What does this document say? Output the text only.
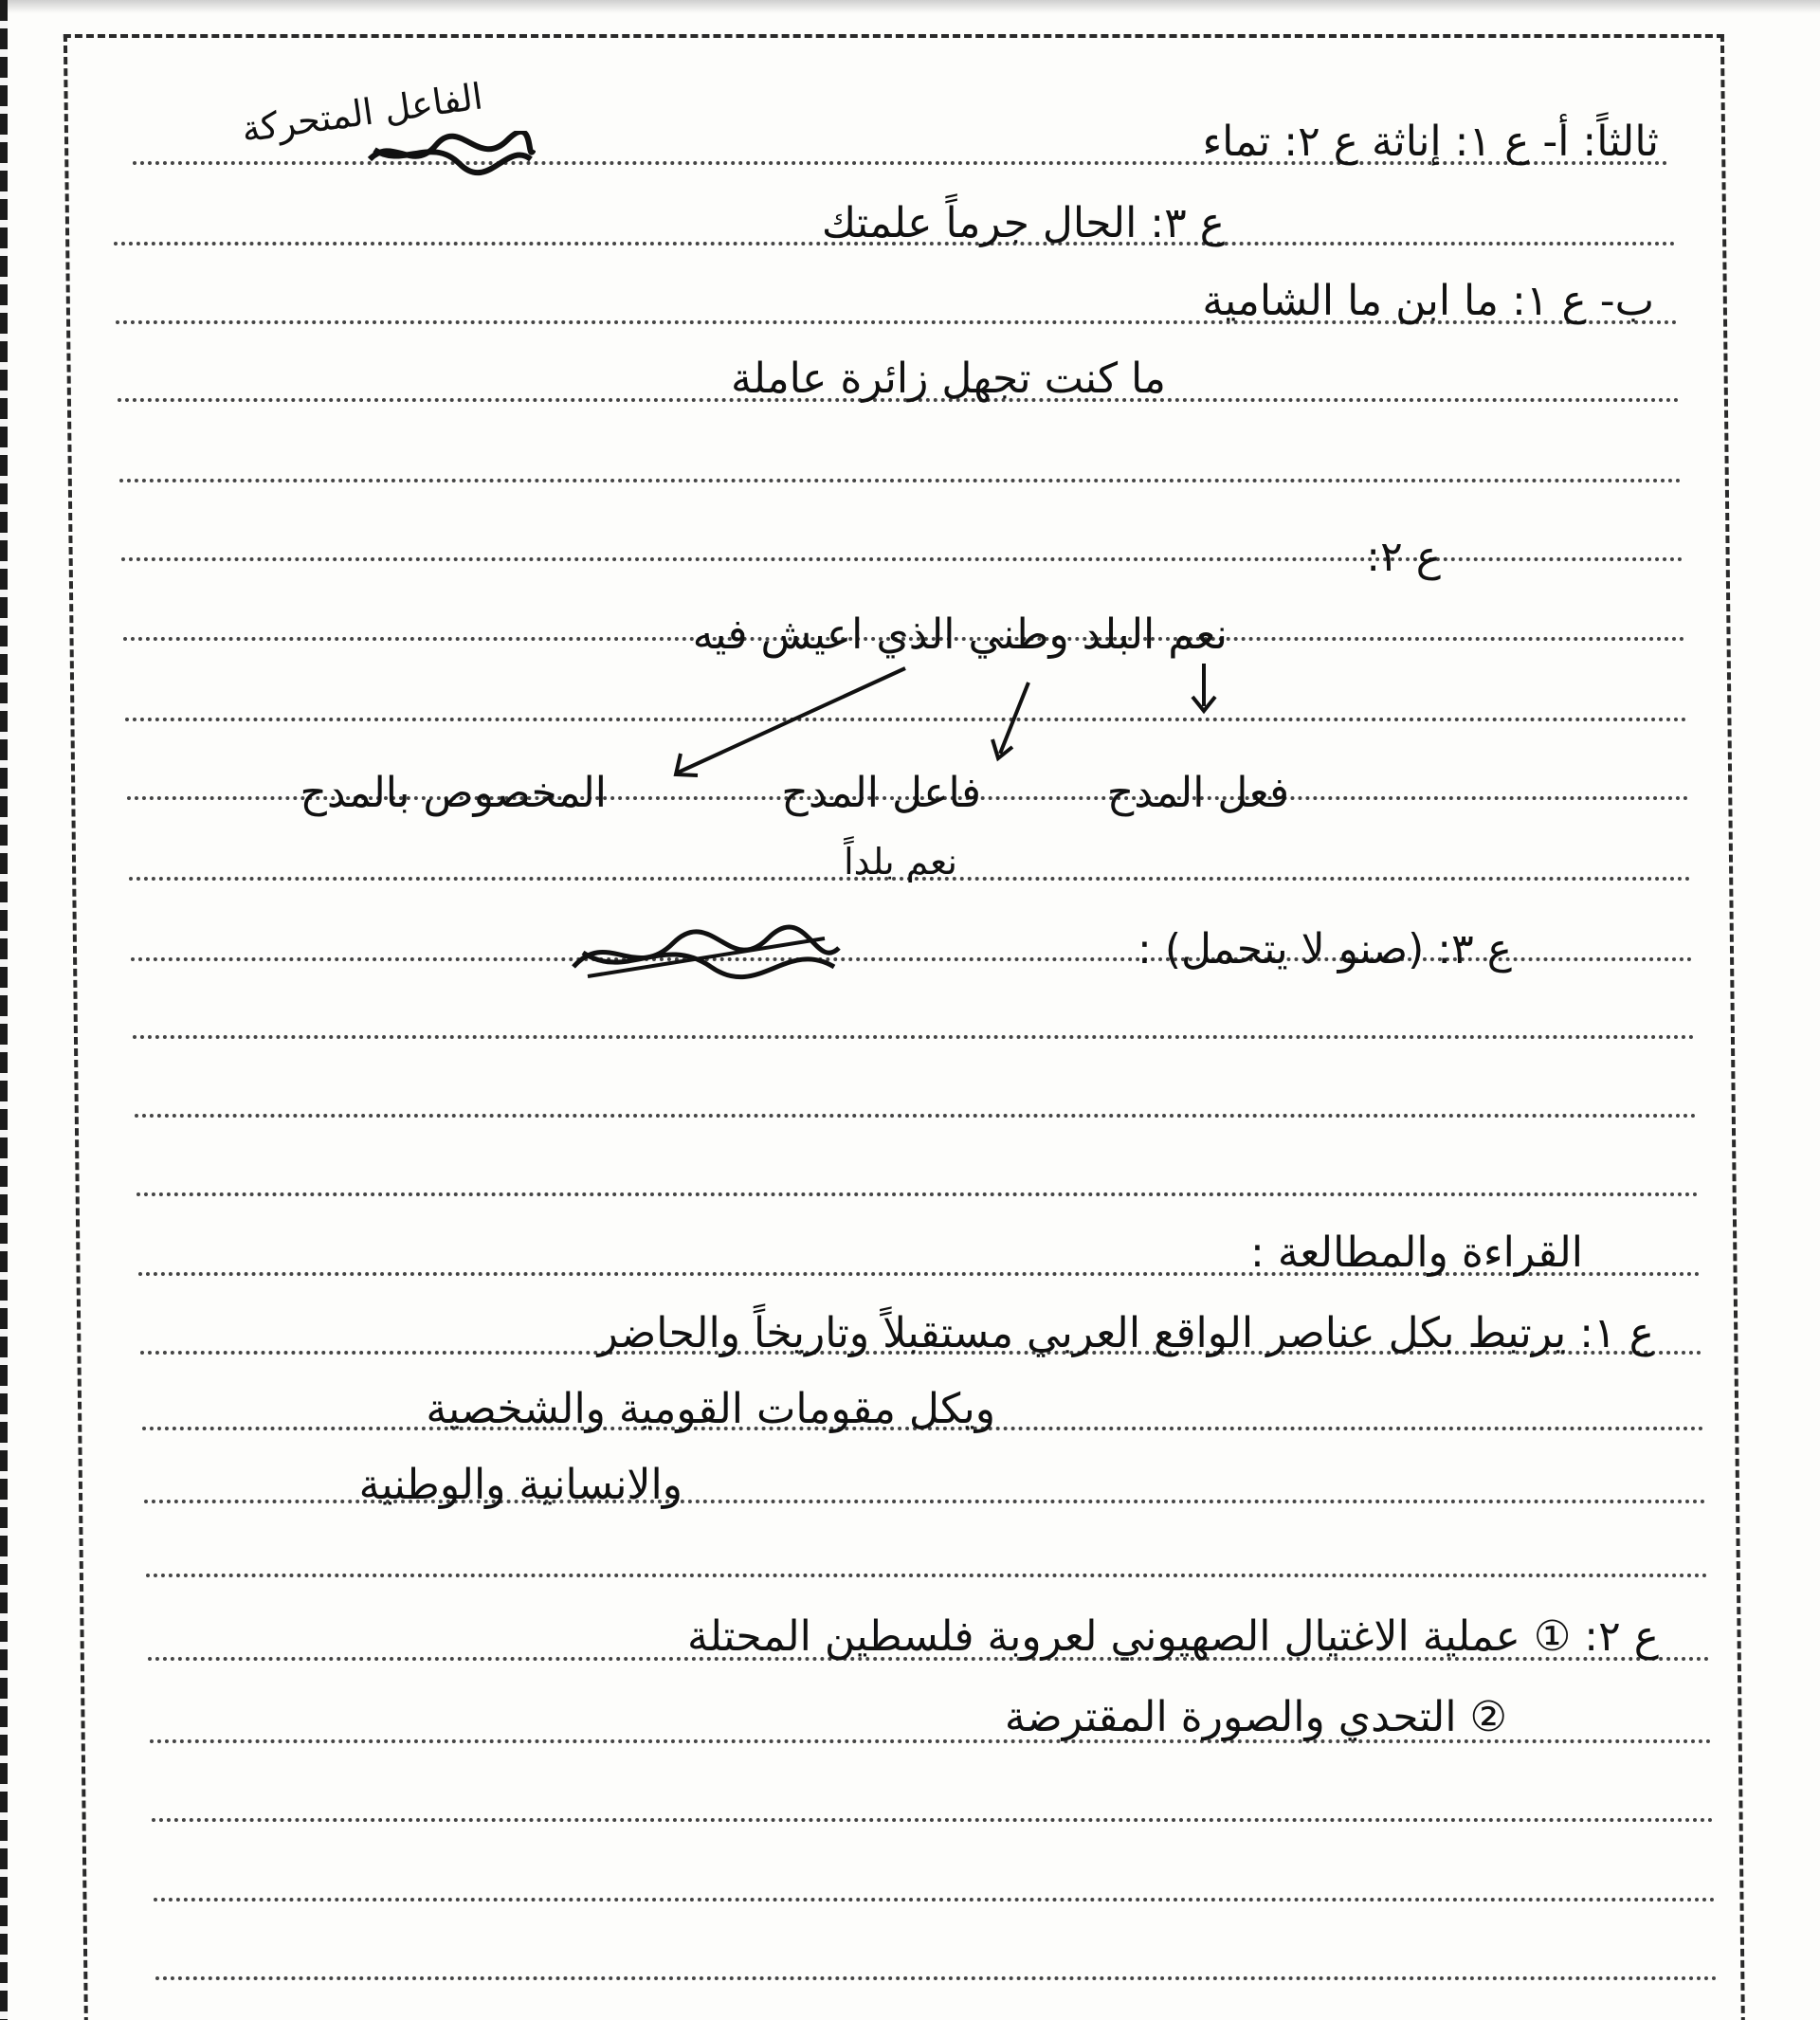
الفاعل المتحركة	ثالثاً: أ- ع ١: إناثة ع ٢: تماء
ع ٣: الحال جرماً علمتك
ب- ع ١: ما ابن ما الشامية
ما كنت تجهل زائرة عاملة
ع ٢:
نعم البلد وطني الذي اعيش فيه
فعل المدح
فاعل المدح
نعم بلداً
المخصوص بالمدح
ع ٣: (صنو لا يتحمل) :
القراءة والمطالعة :
ع ١: يرتبط بكل عناصر الواقع العربي مستقبلاً وتاريخاً والحاضر
ويكل مقومات القومية والشخصية
والانسانية والوطنية
ع ٢: ① عملية الاغتيال الصهيوني لعروبة فلسطين المحتلة
② التحدي والصورة المقترضة
